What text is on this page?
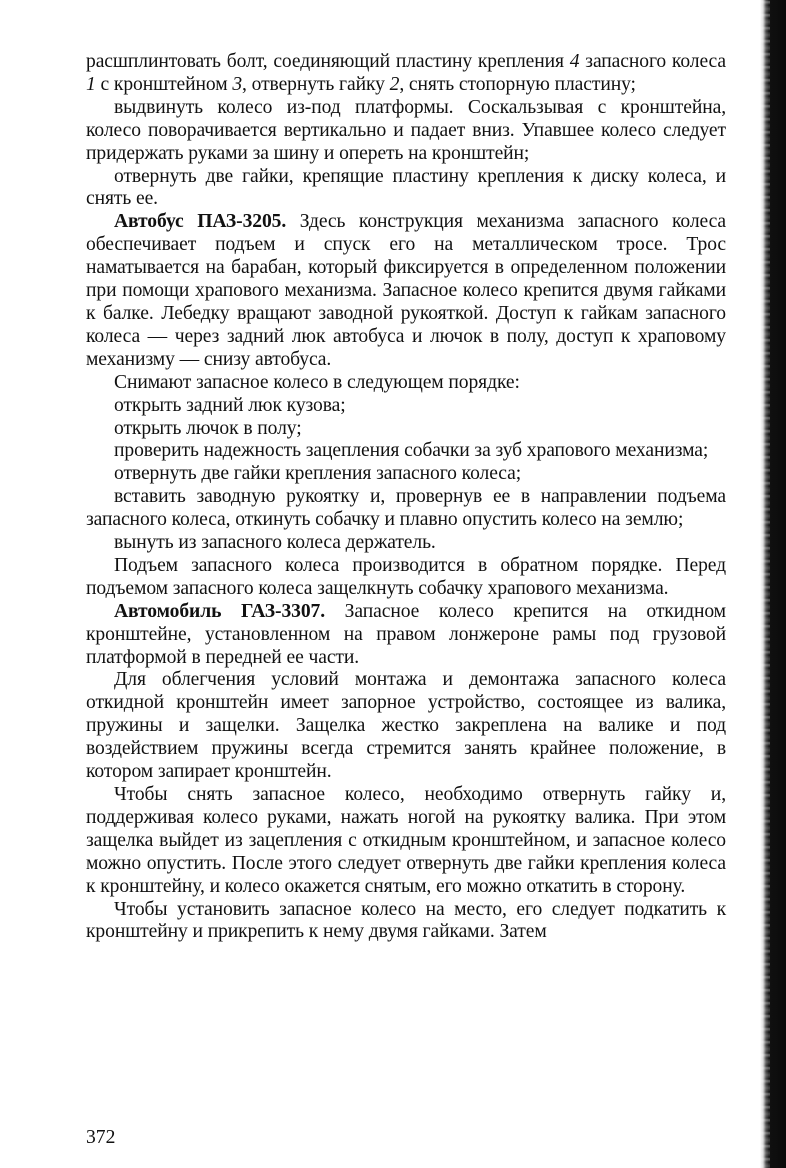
расшплинтовать болт, соединяющий пластину крепления 4 запасного колеса 1 с кронштейном 3, отвернуть гайку 2, снять стопорную пластину;

выдвинуть колесо из-под платформы. Соскальзывая с кронштейна, колесо поворачивается вертикально и падает вниз. Упавшее колесо следует придержать руками за шину и опереть на кронштейн;

отвернуть две гайки, крепящие пластину крепления к диску колеса, и снять ее.

Автобус ПАЗ-3205. Здесь конструкция механизма запасного колеса обеспечивает подъем и спуск его на металлическом тросе. Трос наматывается на барабан, который фиксируется в определенном положении при помощи храпового механизма. Запасное колесо крепится двумя гайками к балке. Лебедку вращают заводной рукояткой. Доступ к гайкам запасного колеса — через задний люк автобуса и лючок в полу, доступ к храповому механизму — снизу автобуса.

Снимают запасное колесо в следующем порядке:

открыть задний люк кузова;

открыть лючок в полу;

проверить надежность зацепления собачки за зуб храпового механизма;

отвернуть две гайки крепления запасного колеса;

вставить заводную рукоятку и, провернув ее в направлении подъема запасного колеса, откинуть собачку и плавно опустить колесо на землю;

вынуть из запасного колеса держатель.

Подъем запасного колеса производится в обратном порядке. Перед подъемом запасного колеса защелкнуть собачку храпового механизма.

Автомобиль ГАЗ-3307. Запасное колесо крепится на откидном кронштейне, установленном на правом лонжероне рамы под грузовой платформой в передней ее части.

Для облегчения условий монтажа и демонтажа запасного колеса откидной кронштейн имеет запорное устройство, состоящее из валика, пружины и защелки. Защелка жестко закреплена на валике и под воздействием пружины всегда стремится занять крайнее положение, в котором запирает кронштейн.

Чтобы снять запасное колесо, необходимо отвернуть гайку и, поддерживая колесо руками, нажать ногой на рукоятку валика. При этом защелка выйдет из зацепления с откидным кронштейном, и запасное колесо можно опустить. После этого следует отвернуть две гайки крепления колеса к кронштейну, и колесо окажется снятым, его можно откатить в сторону.

Чтобы установить запасное колесо на место, его следует подкатить к кронштейну и прикрепить к нему двумя гайками. Затем

372
